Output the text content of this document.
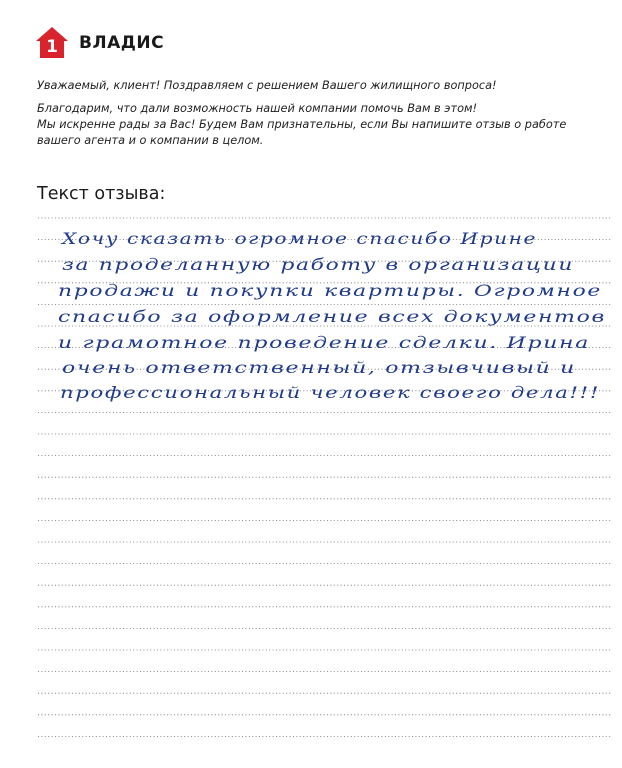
1 ВЛАДИС

Уважаемый, клиент! Поздравляем с решением Вашего жилищного вопроса!

Благодарим, что дали возможность нашей компании помочь Вам в этом!

Мы искренне рады за Вас! Будем Вам признательны, если Вы напишите отзыв о работе

вашего агента и о компании в целом.

Текст отзыва:
Хочу сказать огромное спасибо Ирине
за проделанную работу в организации
продажи и покупки квартиры. Огромное
спасибо за оформление всех документов
и грамотное проведение сделки. Ирина
очень ответственный, отзывчивый и
профессиональный человек своего дела!!!
